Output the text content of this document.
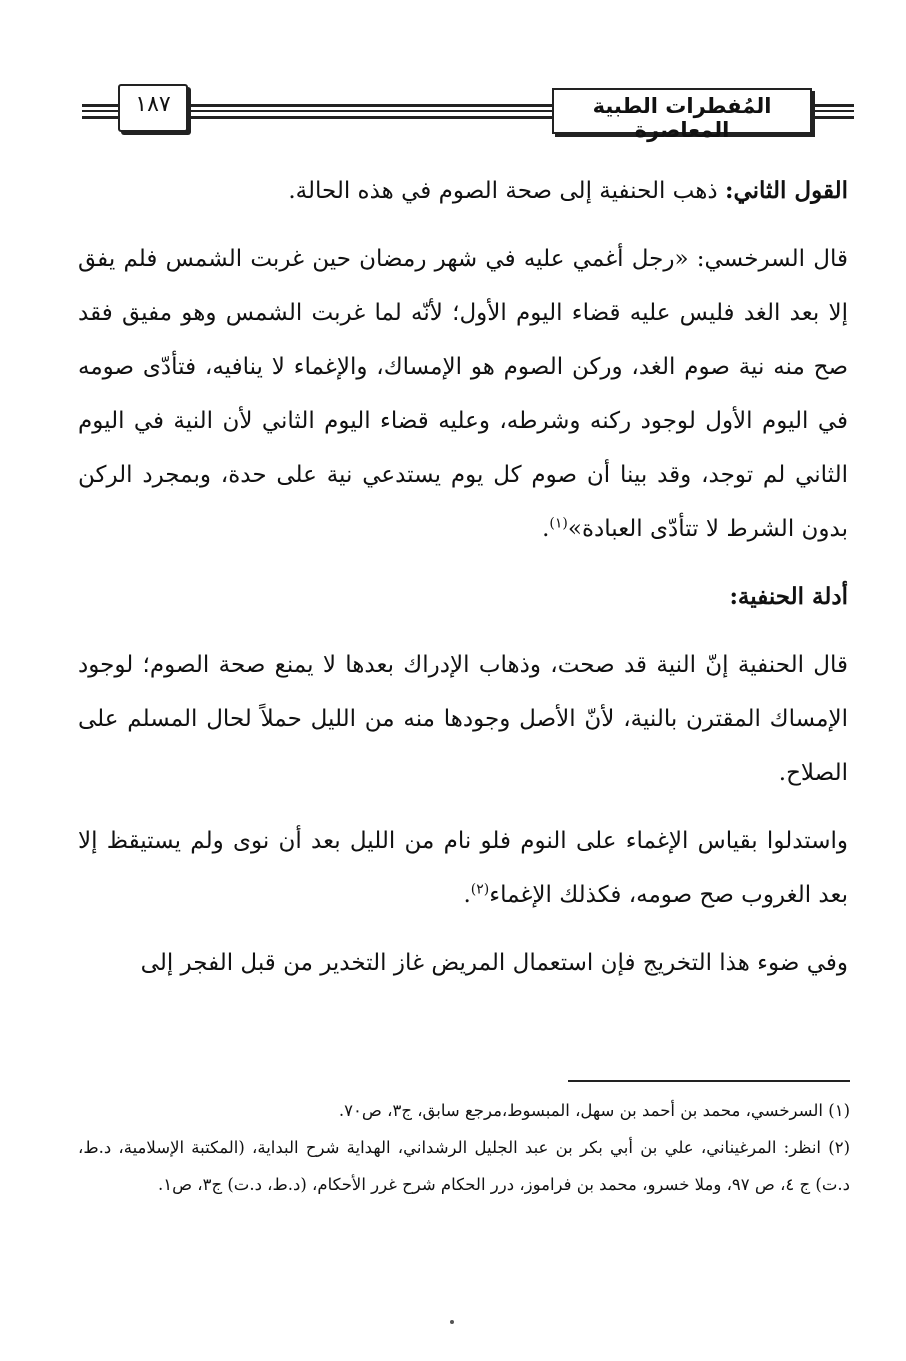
١٨٧	المُفطرات الطبية المعاصرة

القول الثاني: ذهب الحنفية إلى صحة الصوم في هذه الحالة.

قال السرخسي: «رجل أغمي عليه في شهر رمضان حين غربت الشمس فلم يفق إلا بعد الغد فليس عليه قضاء اليوم الأول؛ لأنّه لما غربت الشمس وهو مفيق فقد صح منه نية صوم الغد، وركن الصوم هو الإمساك، والإغماء لا ينافيه، فتأدّى صومه في اليوم الأول لوجود ركنه وشرطه، وعليه قضاء اليوم الثاني لأن النية في اليوم الثاني لم توجد، وقد بينا أن صوم كل يوم يستدعي نية على حدة، وبمجرد الركن بدون الشرط لا تتأدّى العبادة»$^{(١)}$.

أدلة الحنفية:

قال الحنفية إنّ النية قد صحت، وذهاب الإدراك بعدها لا يمنع صحة الصوم؛ لوجود الإمساك المقترن بالنية، لأنّ الأصل وجودها منه من الليل حملاً لحال المسلم على الصلاح.

واستدلوا بقياس الإغماء على النوم فلو نام من الليل بعد أن نوى ولم يستيقظ إلا بعد الغروب صح صومه، فكذلك الإغماء$^{(٢)}$.

وفي ضوء هذا التخريج فإن استعمال المريض غاز التخدير من قبل الفجر إلى

(١) السرخسي، محمد بن أحمد بن سهل، المبسوط،مرجع سابق، ج٣، ص٧٠.

(٢) انظر: المرغيناني، علي بن أبي بكر بن عبد الجليل الرشداني، الهداية شرح البداية، (المكتبة الإسلامية، د.ط، د.ت) ج ٤، ص ٩٧، وملا خسرو، محمد بن فراموز، درر الحكام شرح غرر الأحكام، (د.ط، د.ت) ج٣، ص١.
